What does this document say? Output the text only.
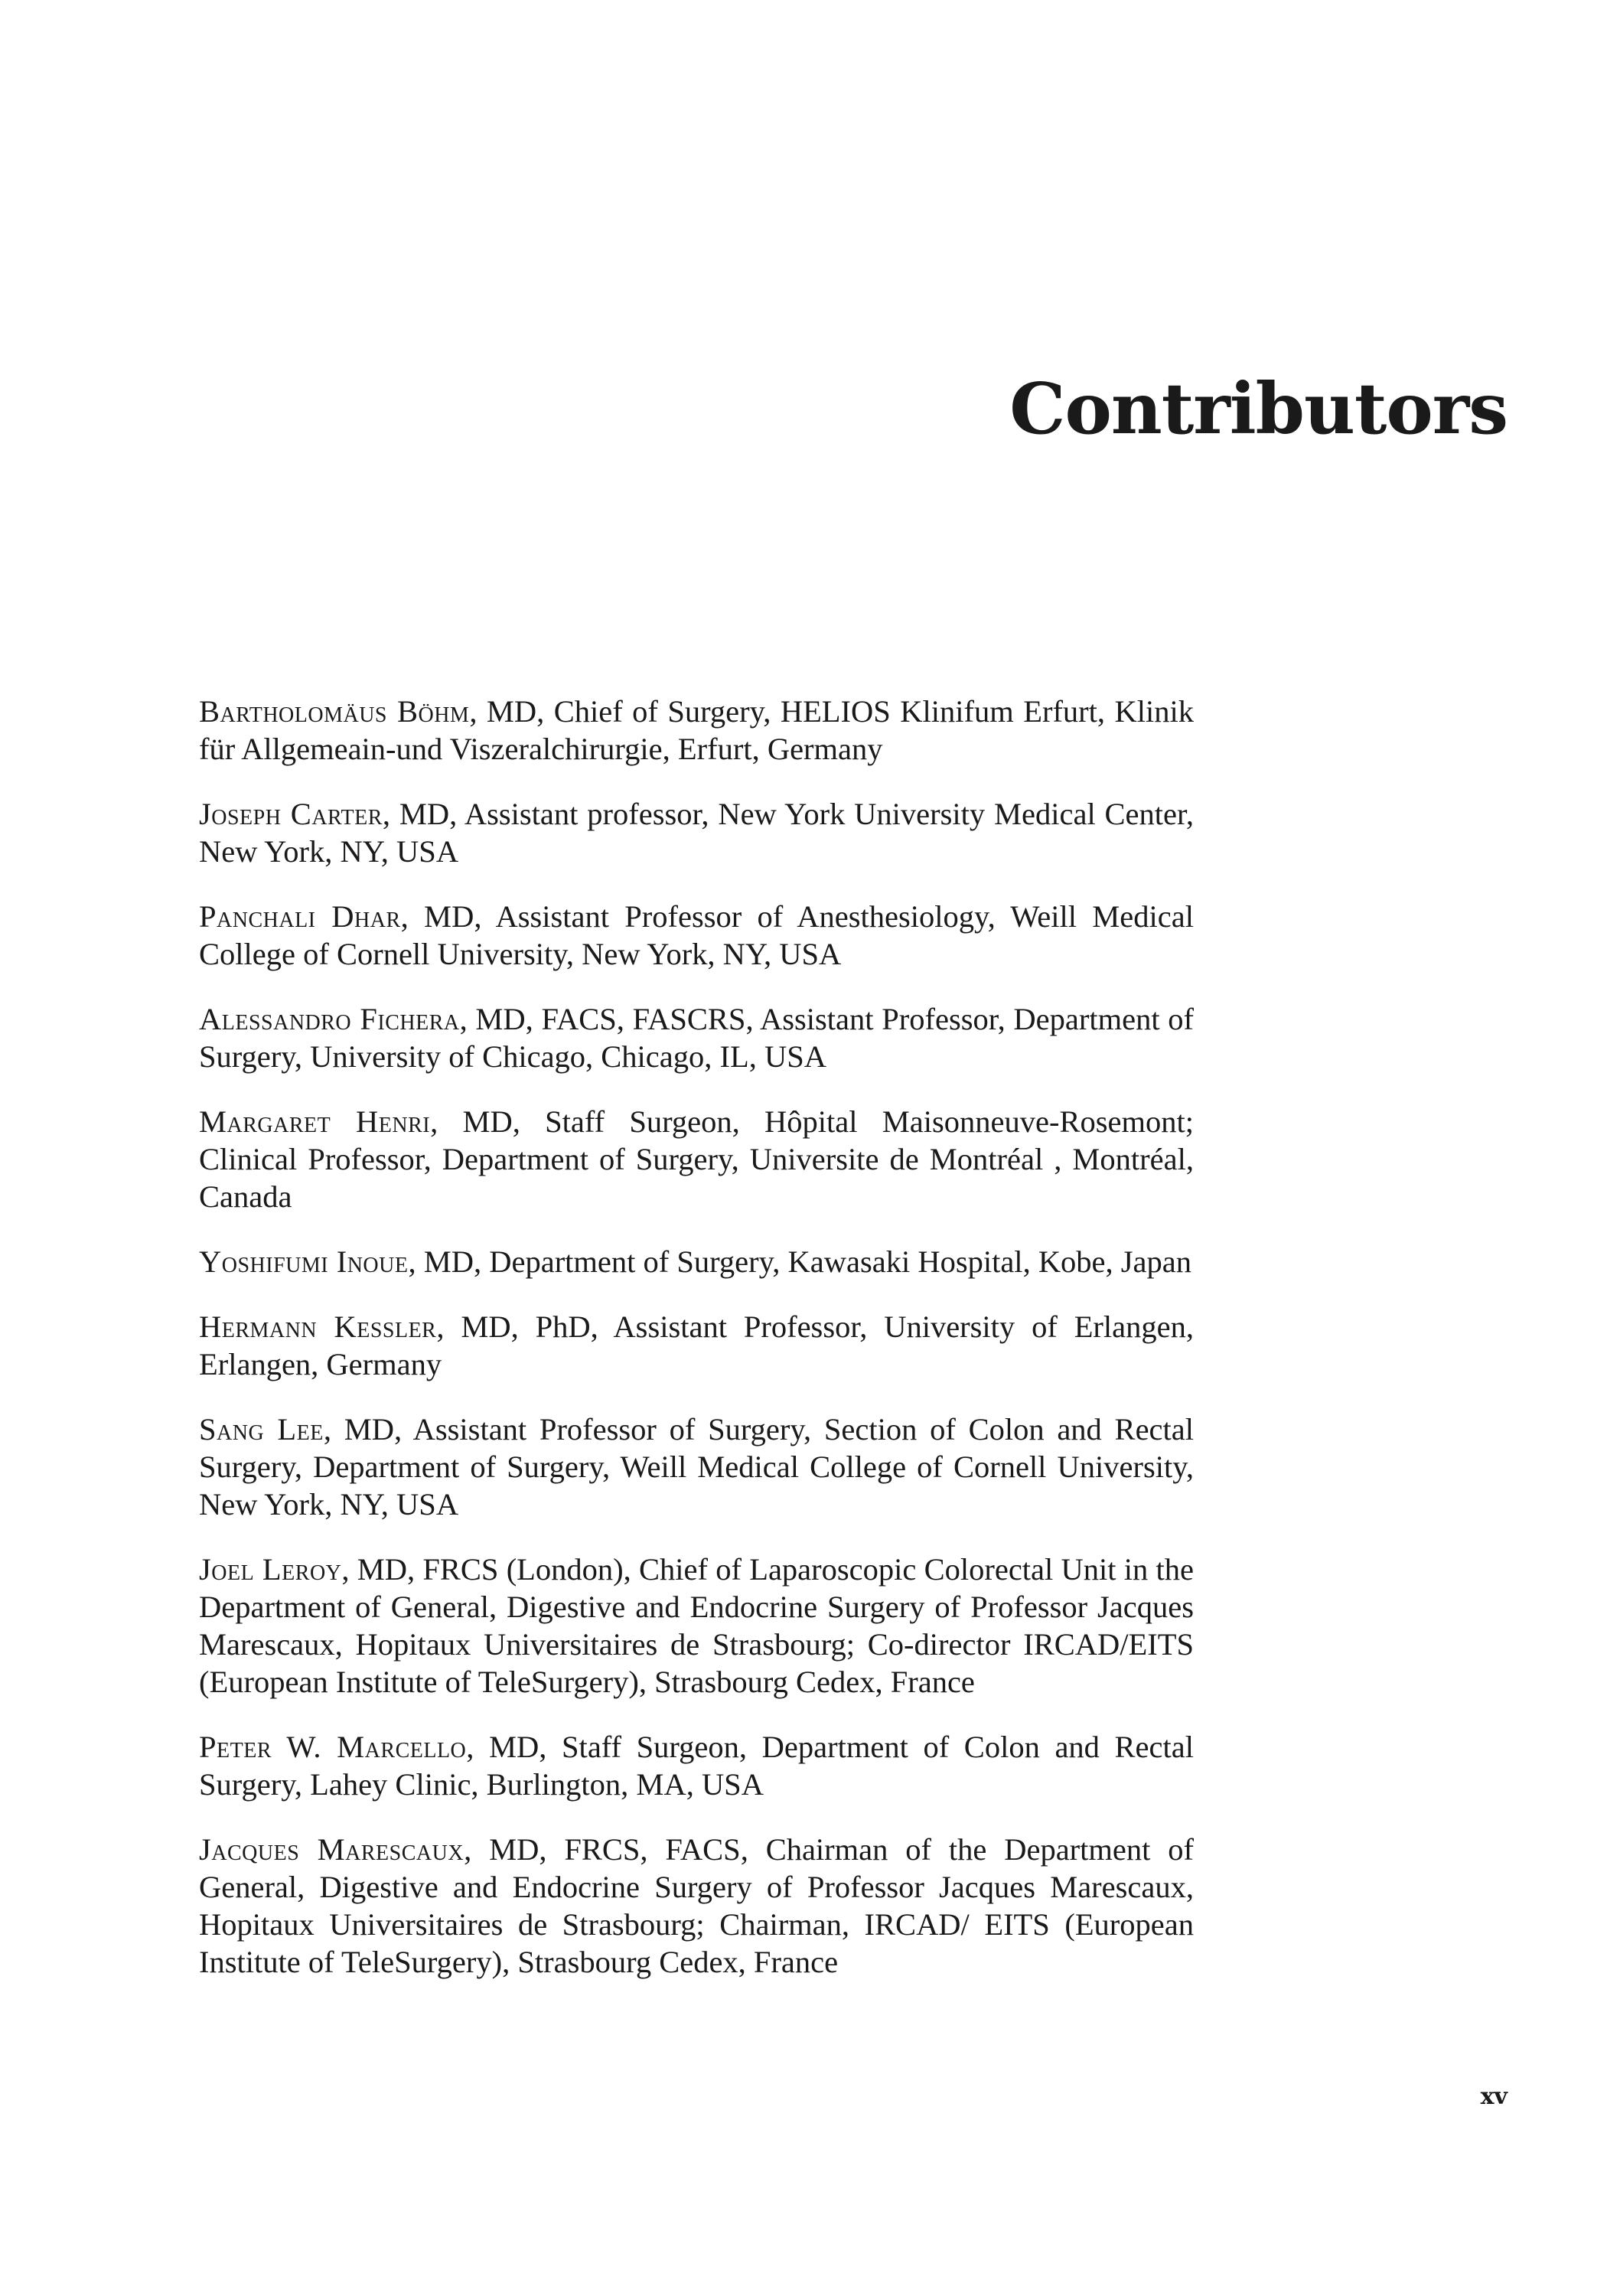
Contributors

Bartholomäus Böhm, MD, Chief of Surgery, HELIOS Klinifum Erfurt, Klinik für Allgemeain-und Viszeralchirurgie, Erfurt, Germany

Joseph Carter, MD, Assistant professor, New York University Medical Center, New York, NY, USA

Panchali Dhar, MD, Assistant Professor of Anesthesiology, Weill Medical College of Cornell University, New York, NY, USA

Alessandro Fichera, MD, FACS, FASCRS, Assistant Professor, Department of Surgery, University of Chicago, Chicago, IL, USA

Margaret Henri, MD, Staff Surgeon, Hôpital Maisonneuve-Rosemont; Clinical Professor, Department of Surgery, Universite de Montréal , Montréal, Canada

Yoshifumi Inoue, MD, Department of Surgery, Kawasaki Hospital, Kobe, Japan

Hermann Kessler, MD, PhD, Assistant Professor, University of Erlangen, Erlangen, Germany

Sang Lee, MD, Assistant Professor of Surgery, Section of Colon and Rectal Surgery, Department of Surgery, Weill Medical College of Cornell University, New York, NY, USA

Joel Leroy, MD, FRCS (London), Chief of Laparoscopic Colorectal Unit in the Department of General, Digestive and Endocrine Surgery of Professor Jacques Marescaux, Hopitaux Universitaires de Strasbourg; Co-director IRCAD/EITS (European Institute of TeleSurgery), Strasbourg Cedex, France

Peter W. Marcello, MD, Staff Surgeon, Department of Colon and Rectal Surgery, Lahey Clinic, Burlington, MA, USA

Jacques Marescaux, MD, FRCS, FACS, Chairman of the Department of General, Digestive and Endocrine Surgery of Professor Jacques Marescaux, Hopitaux Universitaires de Strasbourg; Chairman, IRCAD/ EITS (European Institute of TeleSurgery), Strasbourg Cedex, France

xv
